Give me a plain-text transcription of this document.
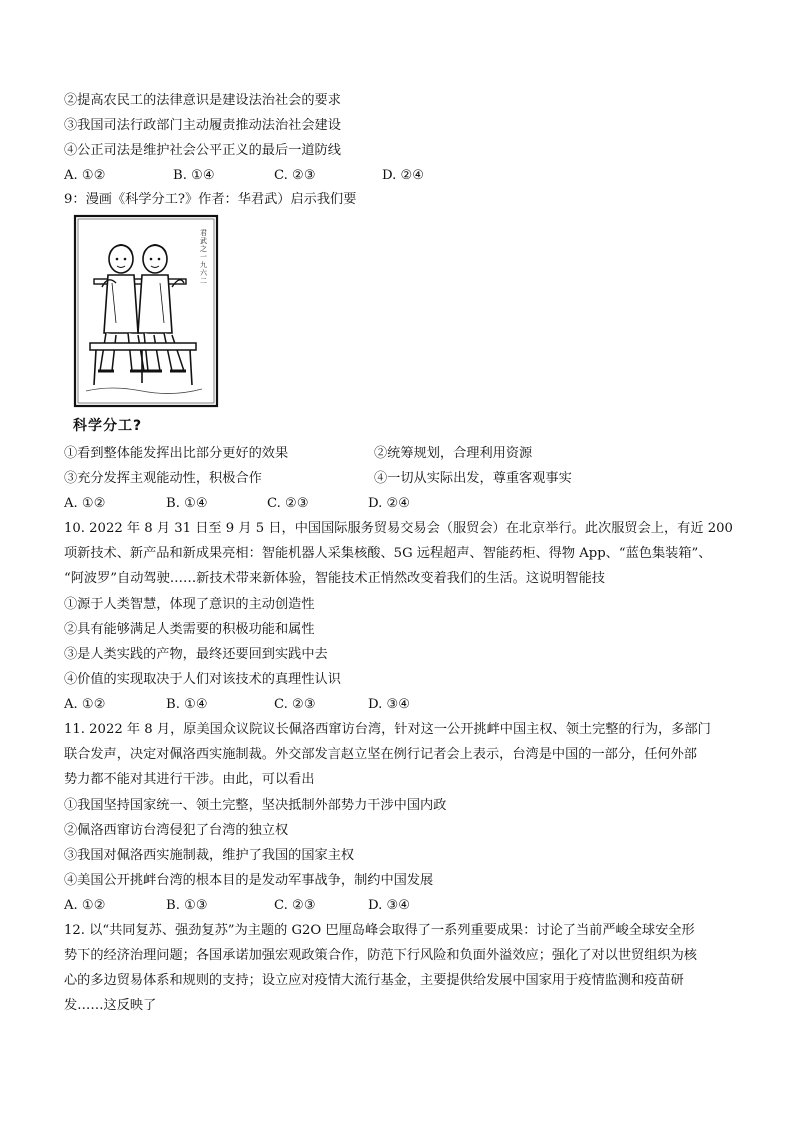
②提高农民工的法律意识是建设法治社会的要求
③我国司法行政部门主动履责推动法治社会建设
④公正司法是维护社会公平正义的最后一道防线
A. ①②	B. ①④	C. ②③	D. ②④
9：漫画《科学分工?》作者：华君武）启示我们要
君
武
之
一
九
六
二
科学分工?
①看到整体能发挥出比部分更好的效果	②统筹规划，合理利用资源
③充分发挥主观能动性，积极合作	④一切从实际出发，尊重客观事实
A. ①②	B. ①④	C. ②③	D. ②④
10. 2022 年 8 月 31 日至 9 月 5 日，中国国际服务贸易交易会（服贸会）在北京举行。此次服贸会上，有近 200
项新技术、新产品和新成果亮相：智能机器人采集核酸、5G 远程超声、智能药柜、得物 App、“蓝色集装箱”、
“阿波罗”自动驾驶……新技术带来新体验，智能技术正悄然改变着我们的生活。这说明智能技
①源于人类智慧，体现了意识的主动创造性
②具有能够满足人类需要的积极功能和属性
③是人类实践的产物，最终还要回到实践中去
④价值的实现取决于人们对该技术的真理性认识
A. ①②	B. ①④	C. ②③	D. ③④
11. 2022 年 8 月，原美国众议院议长佩洛西窜访台湾，针对这一公开挑衅中国主权、领土完整的行为，多部门
联合发声，决定对佩洛西实施制裁。外交部发言赵立坚在例行记者会上表示，台湾是中国的一部分，任何外部
势力都不能对其进行干涉。由此，可以看出
①我国坚持国家统一、领土完整，坚决抵制外部势力干涉中国内政
②佩洛西窜访台湾侵犯了台湾的独立权
③我国对佩洛西实施制裁，维护了我国的国家主权
④美国公开挑衅台湾的根本目的是发动军事战争，制约中国发展
A. ①②	B. ①③	C. ②③	D. ③④
12. 以“共同复苏、强劲复苏”为主题的 G2O 巴厘岛峰会取得了一系列重要成果：讨论了当前严峻全球安全形
势下的经济治理问题；各国承诺加强宏观政策合作，防范下行风险和负面外溢效应；强化了对以世贸组织为核
心的多边贸易体系和规则的支持；设立应对疫情大流行基金，主要提供给发展中国家用于疫情监测和疫苗研
发……这反映了
